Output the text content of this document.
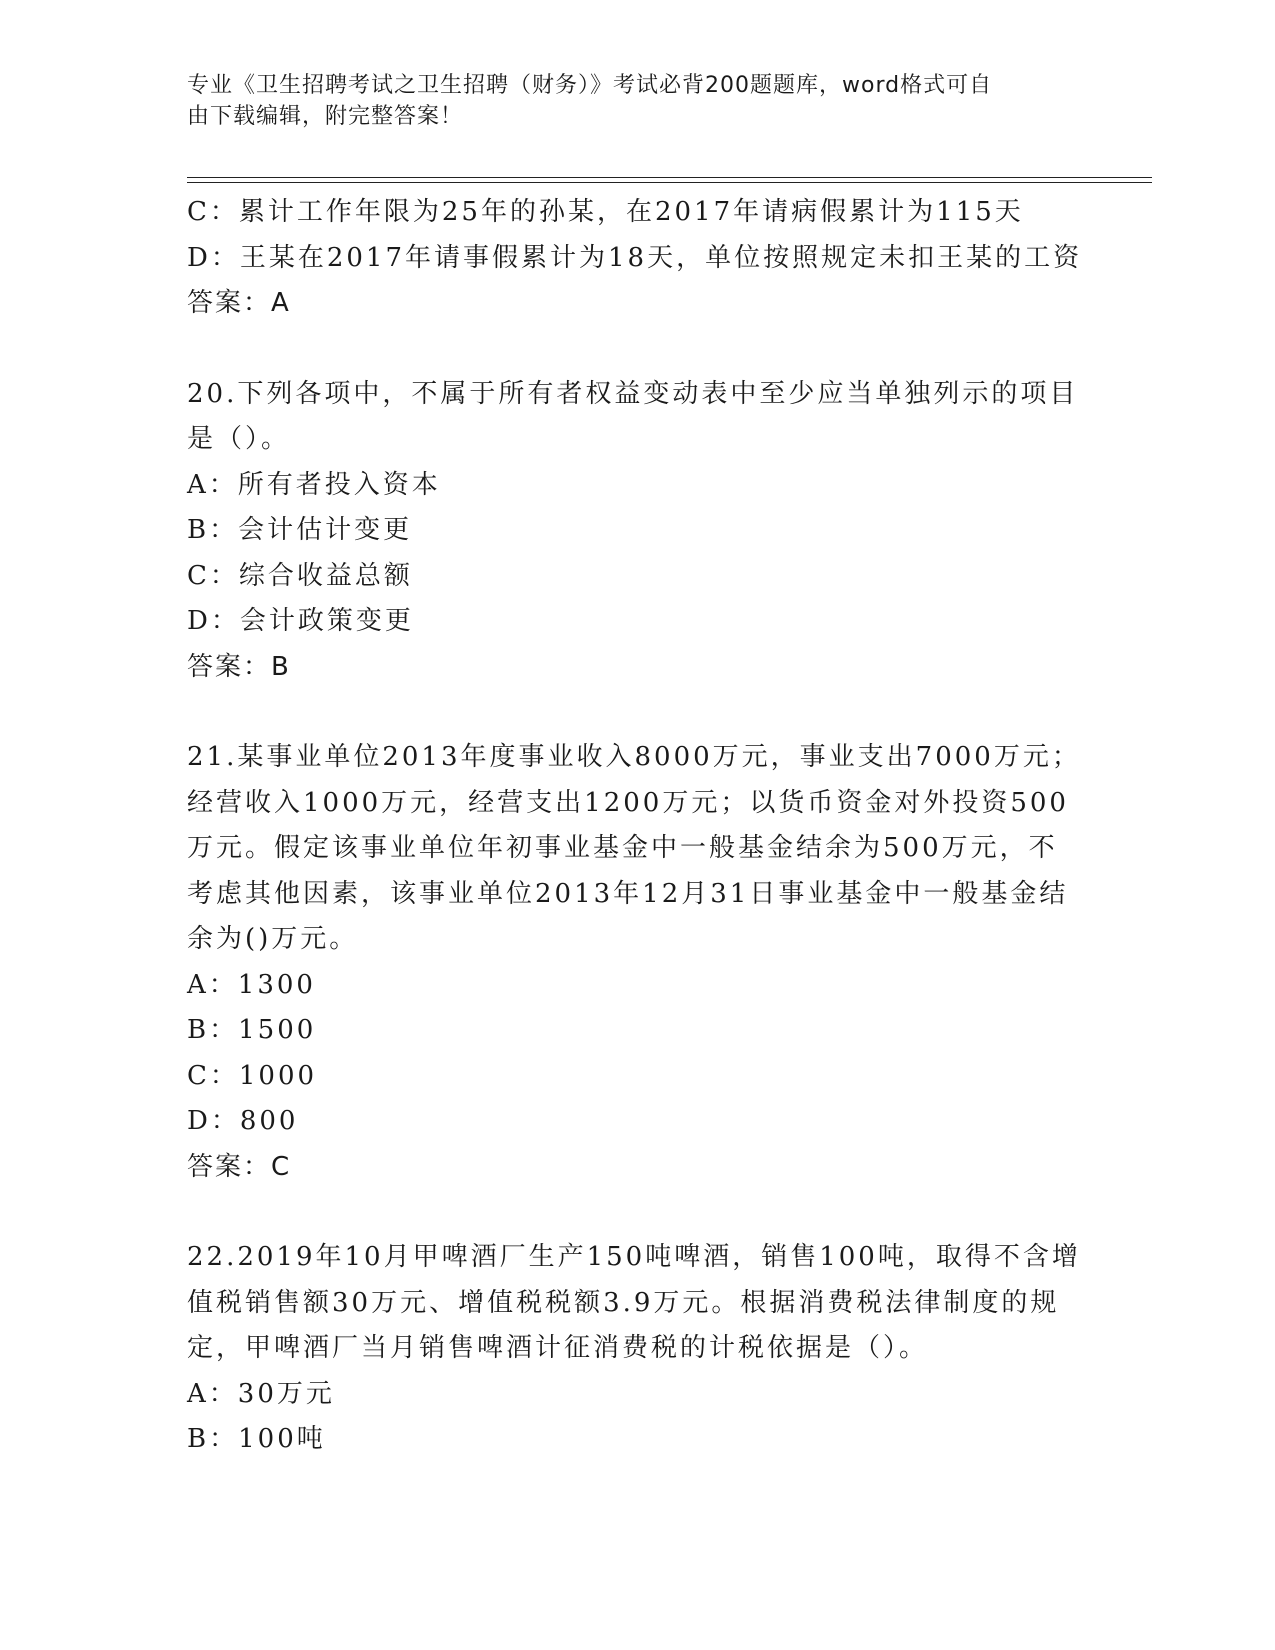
专业《卫生招聘考试之卫生招聘（财务）》考试必背200题题库，word格式可自
由下载编辑，附完整答案！
C：累计工作年限为25年的孙某，在2017年请病假累计为115天
D：王某在2017年请事假累计为18天，单位按照规定未扣王某的工资
答案：A
20.下列各项中，不属于所有者权益变动表中至少应当单独列示的项目
是（）。
A：所有者投入资本
B：会计估计变更
C：综合收益总额
D：会计政策变更
答案：B
21.某事业单位2013年度事业收入8000万元，事业支出7000万元；
经营收入1000万元，经营支出1200万元；以货币资金对外投资500
万元。假定该事业单位年初事业基金中一般基金结余为500万元，不
考虑其他因素，该事业单位2013年12月31日事业基金中一般基金结
余为()万元。
A：1300
B：1500
C：1000
D：800
答案：C
22.2019年10月甲啤酒厂生产150吨啤酒，销售100吨，取得不含增
值税销售额30万元、增值税税额3.9万元。根据消费税法律制度的规
定，甲啤酒厂当月销售啤酒计征消费税的计税依据是（）。
A：30万元
B：100吨
